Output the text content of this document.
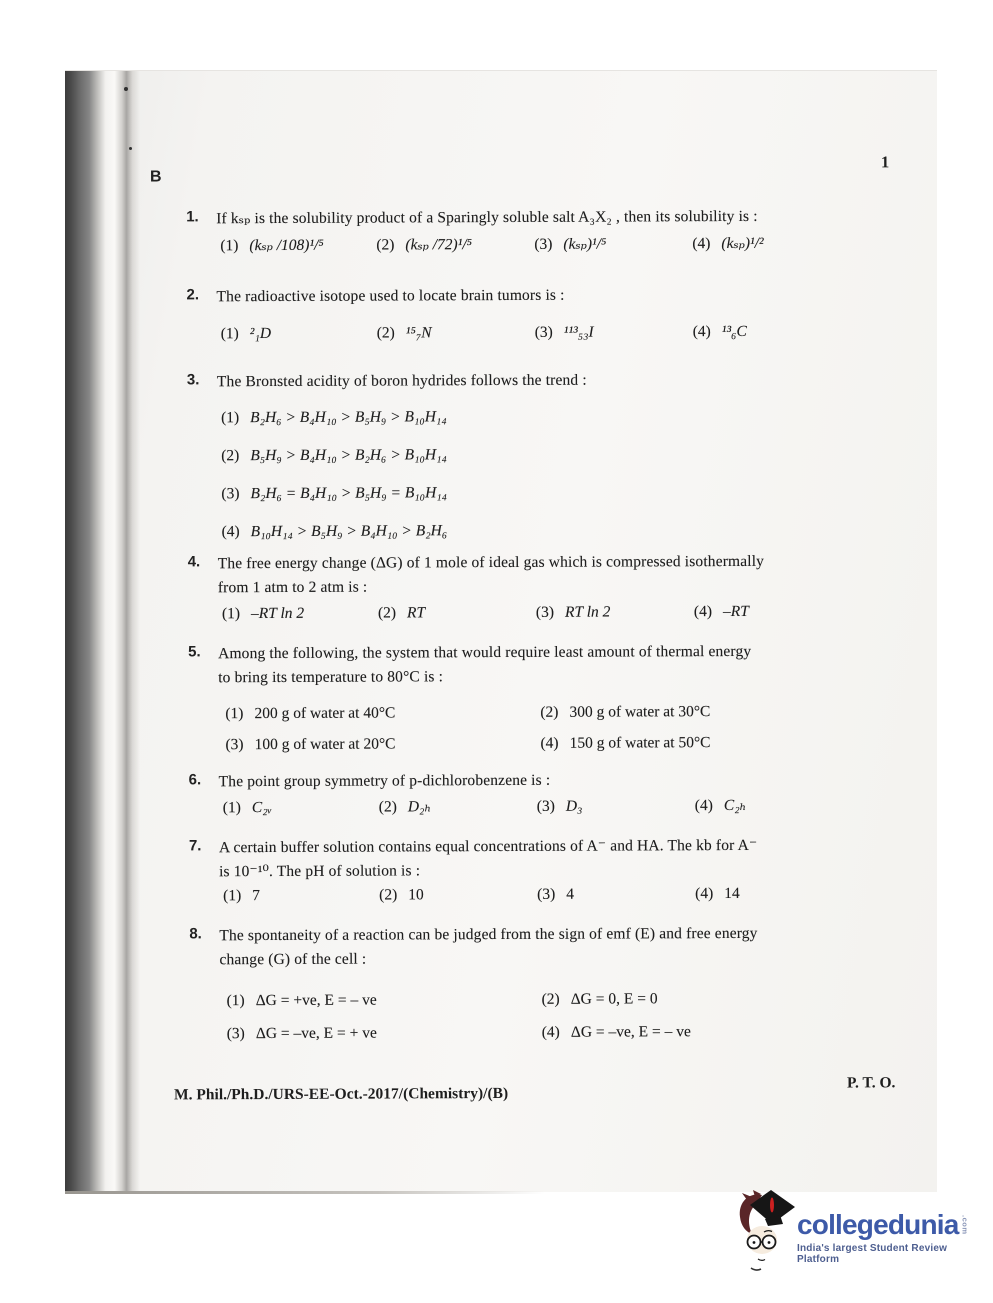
B
1
1. If kₛₚ is the solubility product of a Sparingly soluble salt A₃X₂ , then its solubility is :
(1) (kₛₚ /108)¹/⁵	(2) (kₛₚ /72)¹/⁵	(3) (kₛₚ)¹/⁵	(4) (kₛₚ)¹/²
2. The radioactive isotope used to locate brain tumors is :
(1) ²₁D	(2) ¹⁵₇N	(3) ¹¹³₅₃I	(4) ¹³₆C
3. The Bronsted acidity of boron hydrides follows the trend :
(1) B₂H₆ > B₄H₁₀ > B₅H₉ > B₁₀H₁₄
(2) B₅H₉ > B₄H₁₀ > B₂H₆ > B₁₀H₁₄
(3) B₂H₆ = B₄H₁₀ > B₅H₉ = B₁₀H₁₄
(4) B₁₀H₁₄ > B₅H₉ > B₄H₁₀ > B₂H₆
4. The free energy change (ΔG) of 1 mole of ideal gas which is compressed isothermally
from 1 atm to 2 atm is :
(1) –RT ln 2	(2) RT	(3) RT ln 2	(4) –RT
5. Among the following, the system that would require least amount of thermal energy
to bring its temperature to 80°C is :
(1) 200 g of water at 40°C	(2) 300 g of water at 30°C
(3) 100 g of water at 20°C	(4) 150 g of water at 50°C
6. The point group symmetry of p-dichlorobenzene is :
(1) C₂ᵥ	(2) D₂ₕ	(3) D₃	(4) C₂ₕ
7. A certain buffer solution contains equal concentrations of A⁻ and HA. The kb for A⁻
is 10⁻¹⁰. The pH of solution is :
(1) 7	(2) 10	(3) 4	(4) 14
8. The spontaneity of a reaction can be judged from the sign of emf (E) and free energy
change (G) of the cell :
(1) ΔG = +ve, E = – ve	(2) ΔG = 0, E = 0
(3) ΔG = –ve, E = + ve	(4) ΔG = –ve, E = – ve
M. Phil./Ph.D./URS-EE-Oct.-2017/(Chemistry)/(B)
P. T. O.
collegedunia .com
India's largest Student Review Platform
